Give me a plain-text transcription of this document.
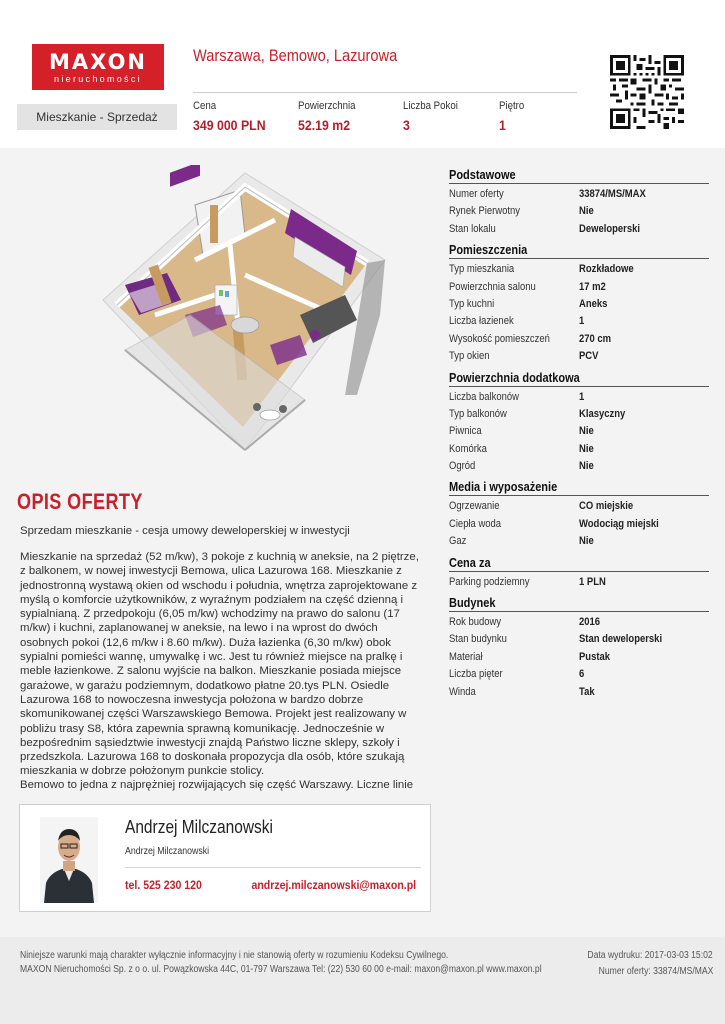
MAXON
nieruchomości
Warszawa, Bemowo, Lazurowa
Mieszkanie - Sprzedaż
Cena
349 000 PLN
Powierzchnia
52.19 m2
Liczba Pokoi
3
Piętro
1
OPIS OFERTY

Sprzedam mieszkanie - cesja umowy deweloperskiej w inwestycji

Mieszkanie na sprzedaż (52 m/kw), 3 pokoje z kuchnią w aneksie, na 2 piętrze, z balkonem, w nowej inwestycji Bemowa, ulica Lazurowa 168. Mieszkanie z jednostronną wystawą okien od wschodu i południa, wnętrza zaprojektowane z myślą o komforcie użytkowników, z wyraźnym podziałem na część dzienną i sypialnianą. Z przedpokoju (6,05 m/kw) wchodzimy na prawo do salonu (17 m/kw) i kuchni, zaplanowanej w aneksie, na lewo i na wprost do dwóch osobnych pokoi (12,6 m/kw i 8.60 m/kw). Duża łazienka (6,30 m/kw) obok sypialni pomieści wannę, umywalkę i wc. Jest tu również miejsce na pralkę i meble łazienkowe. Z salonu wyjście na balkon. Mieszkanie posiada miejsce garażowe, w garażu podziemnym, dodatkowo płatne 20.tys PLN. Osiedle Lazurowa 168 to nowoczesna inwestycja położona w bardzo dobrze skomunikowanej części Warszawskiego Bemowa. Projekt jest realizowany w pobliżu trasy S8, która zapewnia sprawną komunikację. Jednocześnie w bezpośrednim sąsiedztwie inwestycji znajdą Państwo liczne sklepy, szkoły i przedszkola. Lazurowa 168 to doskonała propozycja dla osób, które szukają mieszkania w dobrze położonym punkcie stolicy.

Bemowo to jedna z najprężniej rozwijających się część Warszawy. Liczne linie

Andrzej Milczanowski
Andrzej Milczanowski
tel. 525 230 120	andrzej.milczanowski@maxon.pl
Podstawowe
Numer oferty	33874/MS/MAX
Rynek Pierwotny	Nie
Stan lokalu	Deweloperski
Pomieszczenia
Typ mieszkania	Rozkładowe
Powierzchnia salonu	17 m2
Typ kuchni	Aneks
Liczba łazienek	1
Wysokość pomieszczeń	270 cm
Typ okien	PCV
Powierzchnia dodatkowa
Liczba balkonów	1
Typ balkonów	Klasyczny
Piwnica	Nie
Komórka	Nie
Ogród	Nie
Media i wyposażenie
Ogrzewanie	CO miejskie
Ciepła woda	Wodociąg miejski
Gaz	Nie
Cena za
Parking podziemny	1 PLN
Budynek
Rok budowy	2016
Stan budynku	Stan deweloperski
Materiał	Pustak
Liczba pięter	6
Winda	Tak
Niniejsze warunki mają charakter wyłącznie informacyjny i nie stanowią oferty w rozumieniu Kodeksu Cywilnego.
MAXON Nieruchomości Sp. z o o. ul. Powązkowska 44C, 01-797 Warszawa Tel: (22) 530 60 00 e-mail: maxon@maxon.pl www.maxon.pl
Data wydruku: 2017-03-03 15:02
Numer oferty: 33874/MS/MAX
